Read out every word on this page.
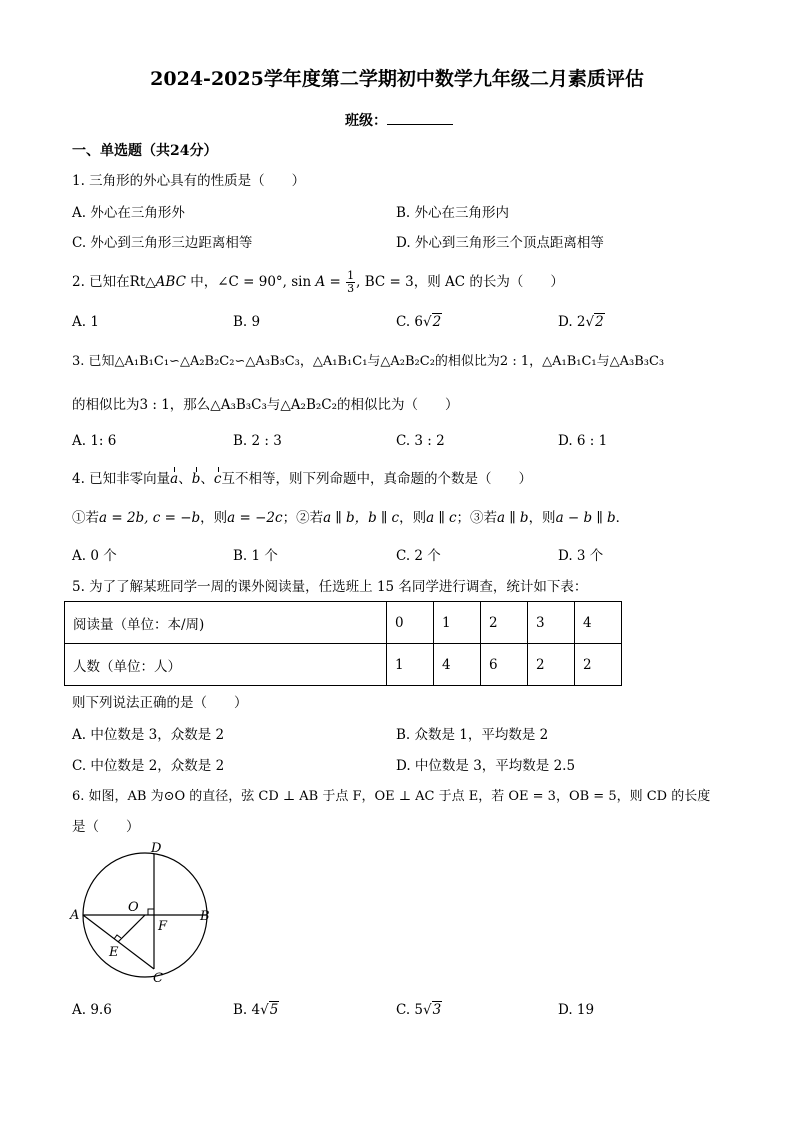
2024-2025学年度第二学期初中数学九年级二月素质评估
班级：
一、单选题（共24分）
1. 三角形的外心具有的性质是（　　）
A. 外心在三角形外	B. 外心在三角形内
C. 外心到三角形三边距离相等	D. 外心到三角形三个顶点距离相等
2. 已知在Rt△ABC 中，∠C = 90°, $\sin A = \frac{1}{3}$ , BC = 3，则 AC 的长为（　　）
A. 1	B. 9	C. 6√2	D. 2√2
3. 已知△A₁B₁C₁∽△A₂B₂C₂∽△A₃B₃C₃，△A₁B₁C₁与△A₂B₂C₂的相似比为2 : 1，△A₁B₁C₁与△A₃B₃C₃
的相似比为3 : 1，那么△A₃B₃C₃与△A₂B₂C₂的相似比为（　　）
A. 1: 6	B. 2 : 3	C. 3 : 2	D. 6 : 1
4. 已知非零向量a、b、c互不相等，则下列命题中，真命题的个数是（　　）
①若a = 2b, c = −b，则a = −2c；②若a ∥ b，b ∥ c，则a ∥ c；③若a ∥ b，则a − b ∥ b．
A. 0 个	B. 1 个	C. 2 个	D. 3 个
5. 为了了解某班同学一周的课外阅读量，任选班上 15 名同学进行调查，统计如下表：
阅读量（单位：本/周)	0	1	2	3	4
人数（单位：人）	1	4	6	2	2
则下列说法正确的是（　　）
A. 中位数是 3，众数是 2	B. 众数是 1，平均数是 2
C. 中位数是 2，众数是 2	D. 中位数是 3，平均数是 2.5
6. 如图，AB 为⊙O 的直径，弦 CD ⊥ AB 于点 F，OE ⊥ AC 于点 E，若 OE = 3，OB = 5，则 CD 的长度
是（　　）
D
A	B
O
F
E
C
A. 9.6	B. 4√5	C. 5√3	D. 19
